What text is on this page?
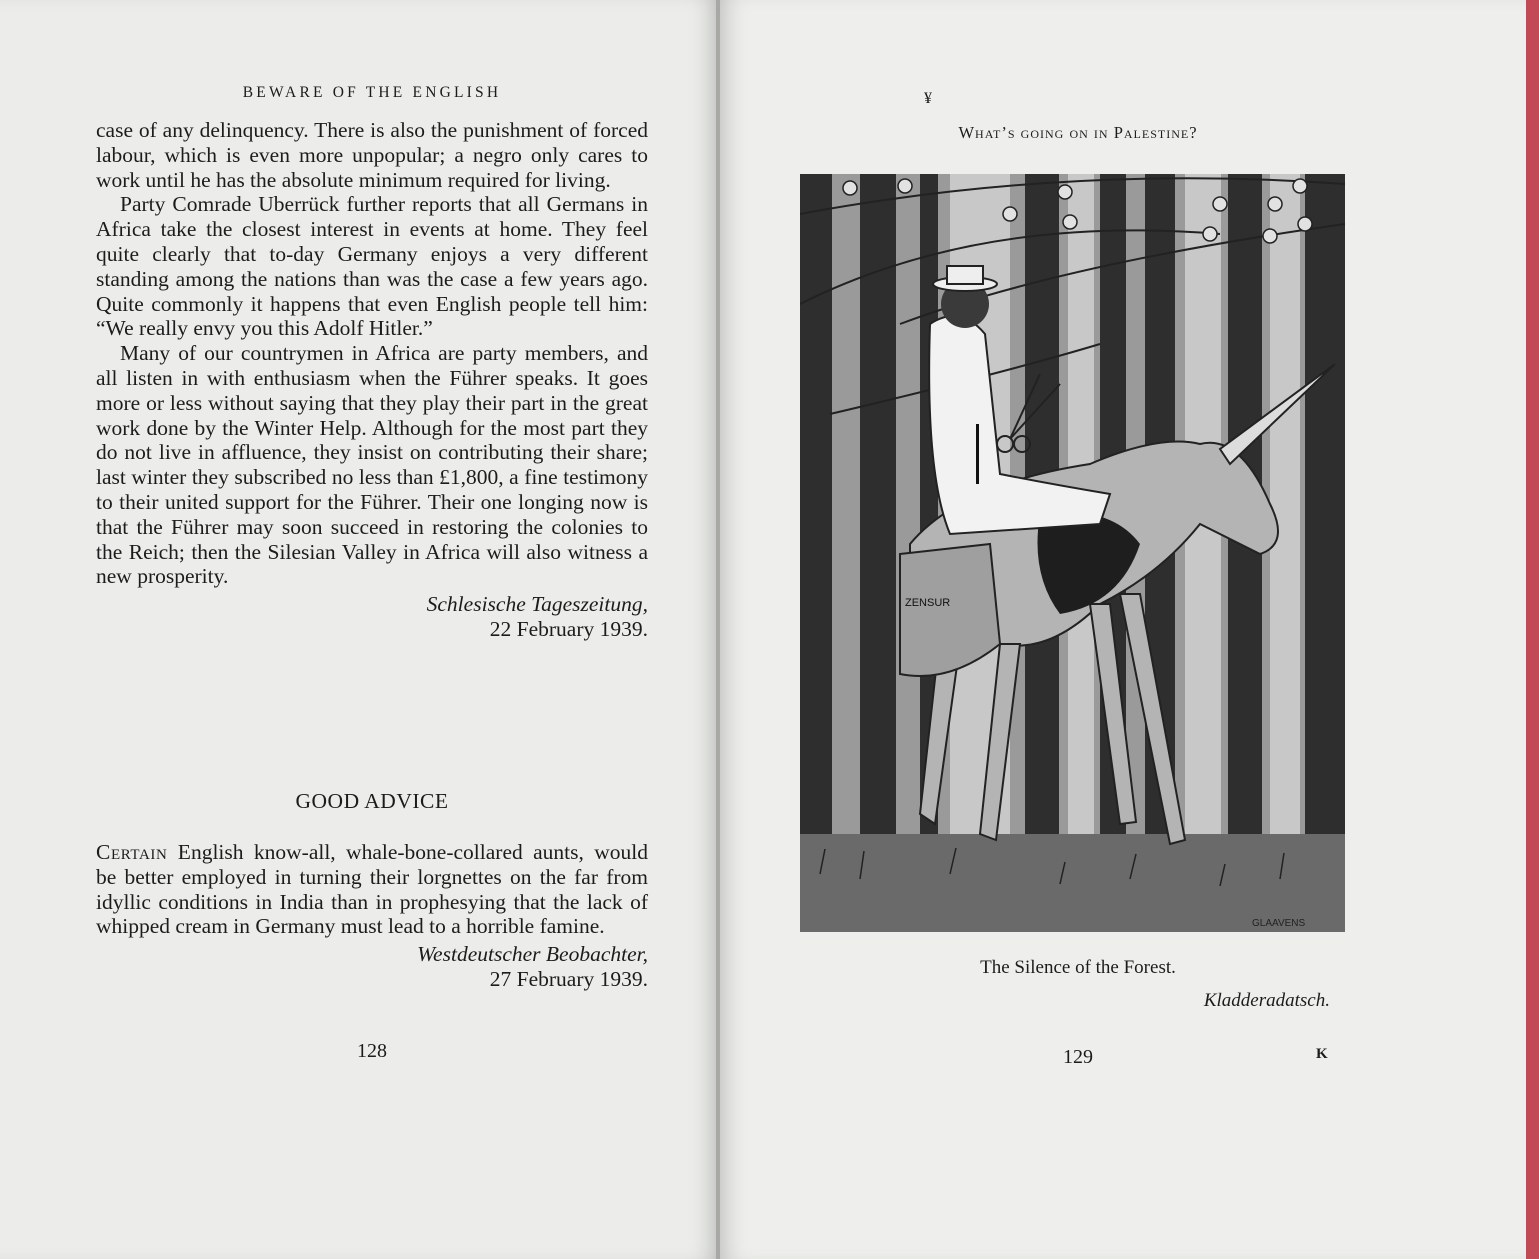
BEWARE OF THE ENGLISH

case of any delinquency. There is also the punishment of forced labour, which is even more unpopular; a negro only cares to work until he has the absolute minimum required for living.

Party Comrade Uberrück further reports that all Germans in Africa take the closest interest in events at home. They feel quite clearly that to-day Germany enjoys a very different standing among the nations than was the case a few years ago. Quite commonly it happens that even English people tell him: “We really envy you this Adolf Hitler.”

Many of our countrymen in Africa are party members, and all listen in with enthusiasm when the Führer speaks. It goes more or less without saying that they play their part in the great work done by the Winter Help. Although for the most part they do not live in affluence, they insist on contributing their share; last winter they subscribed no less than £1,800, a fine testimony to their united support for the Führer. Their one longing now is that the Führer may soon succeed in restoring the colonies to the Reich; then the Silesian Valley in Africa will also witness a new prosperity.

Schlesische Tageszeitung,
22 February 1939.
GOOD ADVICE

Certain English know-all, whale-bone-collared aunts, would be better employed in turning their lorgnettes on the far from idyllic conditions in India than in prophesying that the lack of whipped cream in Germany must lead to a horrible famine.

Westdeutscher Beobachter,
27 February 1939.
128
¥
What’s going on in Palestine?
ZENSUR
GLAAVENS
The Silence of the Forest.
Kladderadatsch.
129	K
